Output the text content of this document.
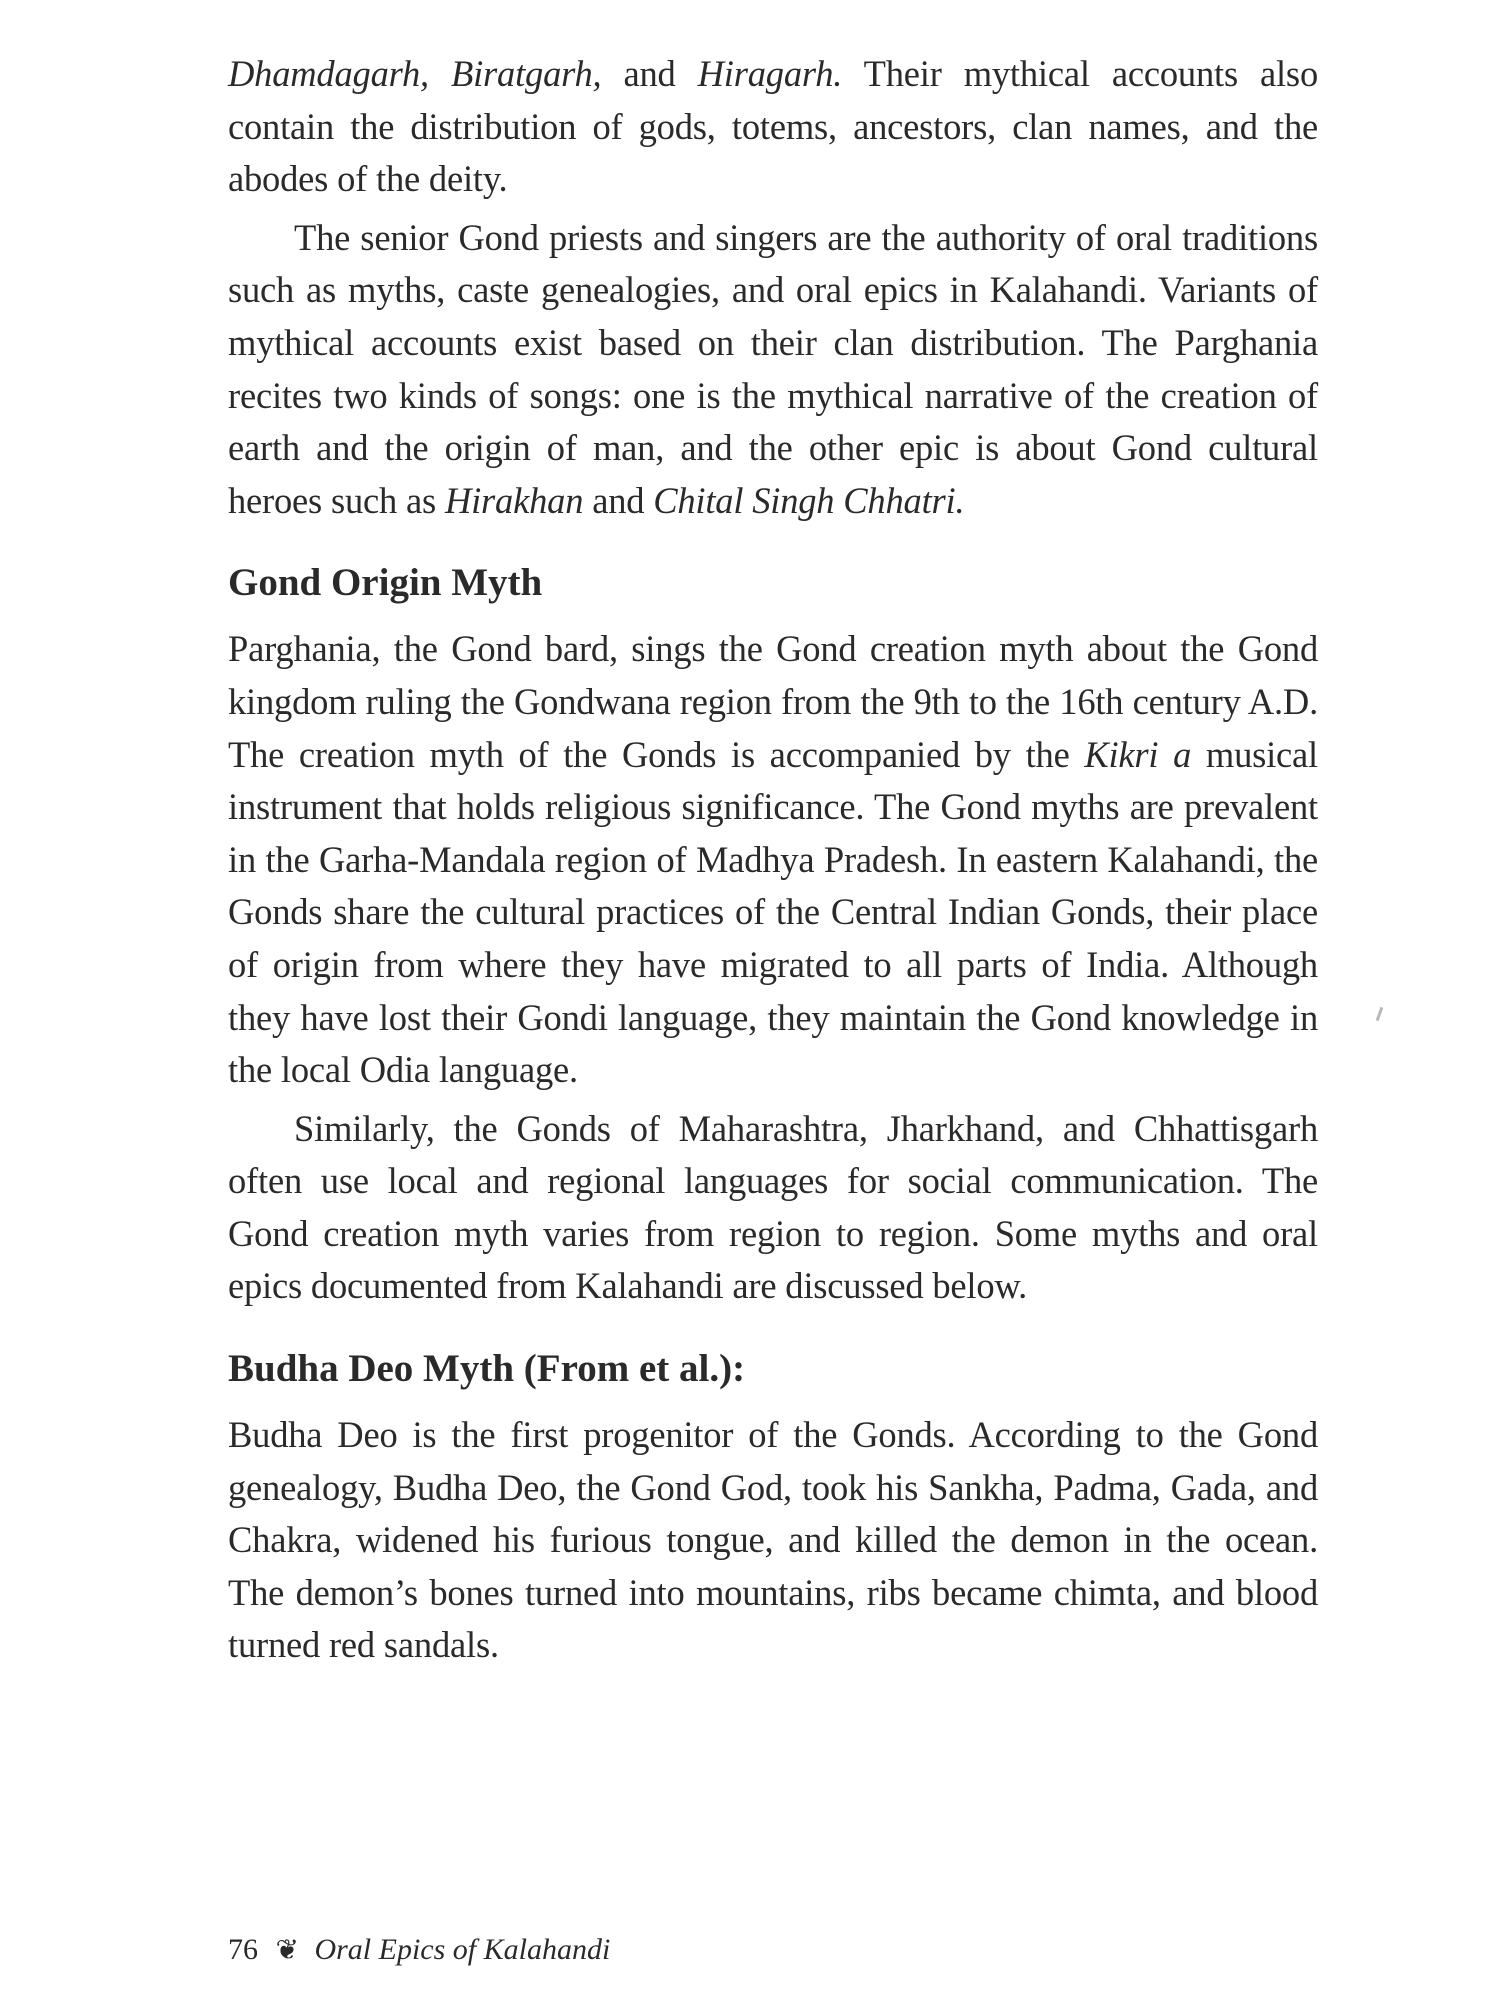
Dhamdagarh, Biratgarh, and Hiragarh. Their mythical accounts also contain the distribution of gods, totems, ancestors, clan names, and the abodes of the deity.

The senior Gond priests and singers are the authority of oral traditions such as myths, caste genealogies, and oral epics in Kalahandi. Variants of mythical accounts exist based on their clan distribution. The Parghania recites two kinds of songs: one is the mythical narrative of the creation of earth and the origin of man, and the other epic is about Gond cultural heroes such as Hirakhan and Chital Singh Chhatri.

Gond Origin Myth

Parghania, the Gond bard, sings the Gond creation myth about the Gond kingdom ruling the Gondwana region from the 9th to the 16th century A.D. The creation myth of the Gonds is accompanied by the Kikri a musical instrument that holds religious significance. The Gond myths are prevalent in the Garha-Mandala region of Madhya Pradesh. In eastern Kalahandi, the Gonds share the cultural practices of the Central Indian Gonds, their place of origin from where they have migrated to all parts of India. Although they have lost their Gondi language, they maintain the Gond knowledge in the local Odia language.

Similarly, the Gonds of Maharashtra, Jharkhand, and Chhattisgarh often use local and regional languages for social communication. The Gond creation myth varies from region to region. Some myths and oral epics documented from Kalahandi are discussed below.

Budha Deo Myth (From et al.):

Budha Deo is the first progenitor of the Gonds. According to the Gond genealogy, Budha Deo, the Gond God, took his Sankha, Padma, Gada, and Chakra, widened his furious tongue, and killed the demon in the ocean. The demon’s bones turned into mountains, ribs became chimta, and blood turned red sandals.

76 ❦ Oral Epics of Kalahandi
